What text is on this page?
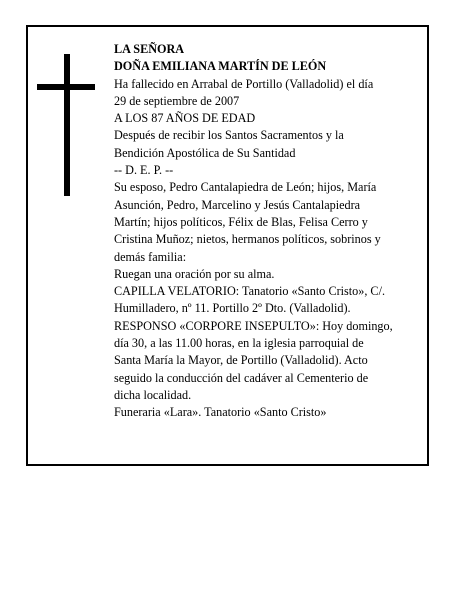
LA SEÑORA
DOÑA EMILIANA MARTÍN DE LEÓN
Ha fallecido en Arrabal de Portillo (Valladolid) el día
29 de septiembre de 2007
A LOS 87 AÑOS DE EDAD
Después de recibir los Santos Sacramentos y la
Bendición Apostólica de Su Santidad
-- D. E. P. --
Su esposo, Pedro Cantalapiedra de León; hijos, María
Asunción, Pedro, Marcelino y Jesús Cantalapiedra
Martín; hijos políticos, Félix de Blas, Felisa Cerro y
Cristina Muñoz; nietos, hermanos políticos, sobrinos y
demás familia:
Ruegan una oración por su alma.
CAPILLA VELATORIO: Tanatorio «Santo Cristo», C/.
Humilladero, nº 11. Portillo 2º Dto. (Valladolid).
RESPONSO «CORPORE INSEPULTO»: Hoy domingo,
día 30, a las 11.00 horas, en la iglesia parroquial de
Santa María la Mayor, de Portillo (Valladolid). Acto
seguido la conducción del cadáver al Cementerio de
dicha localidad.
Funeraria «Lara». Tanatorio «Santo Cristo»
